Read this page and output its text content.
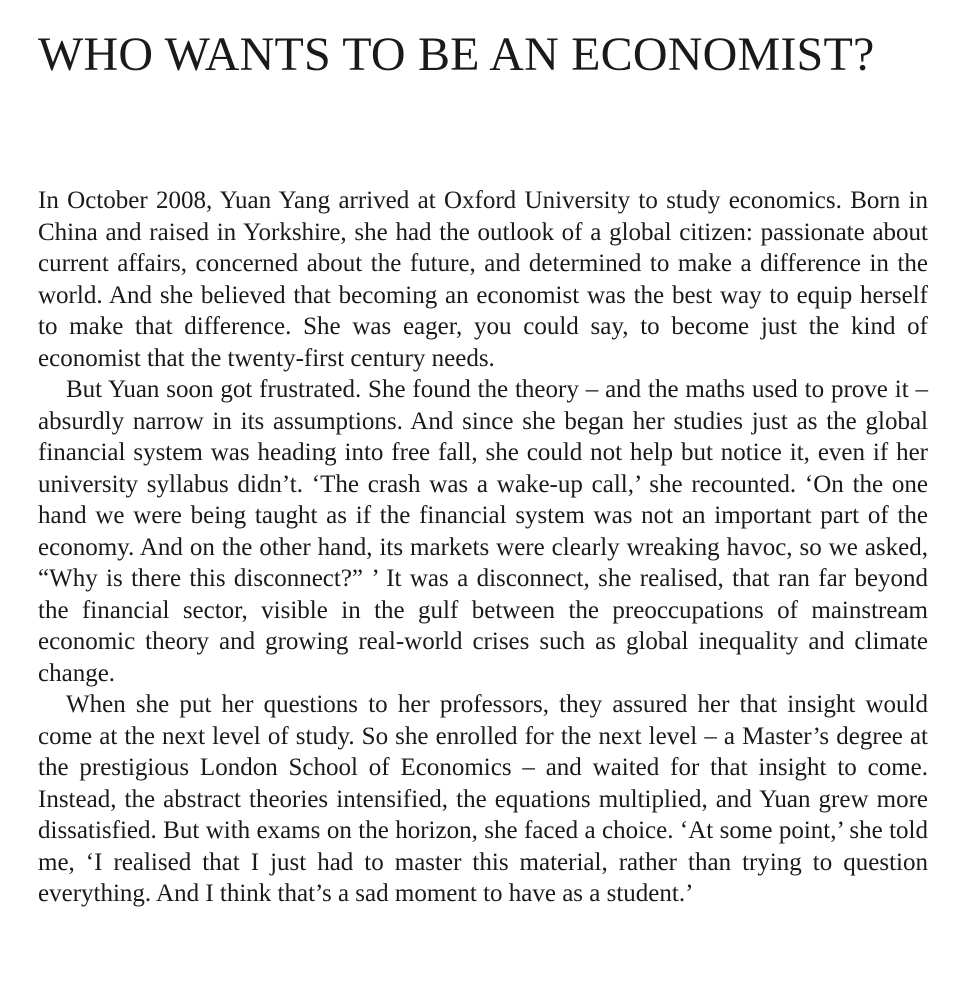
WHO WANTS TO BE AN ECONOMIST?

In October 2008, Yuan Yang arrived at Oxford University to study economics. Born in China and raised in Yorkshire, she had the outlook of a global citizen: passionate about current affairs, concerned about the future, and determined to make a difference in the world. And she believed that becoming an economist was the best way to equip herself to make that difference. She was eager, you could say, to become just the kind of economist that the twenty-first century needs.

But Yuan soon got frustrated. She found the theory – and the maths used to prove it – absurdly narrow in its assumptions. And since she began her studies just as the global financial system was heading into free fall, she could not help but notice it, even if her university syllabus didn’t. ‘The crash was a wake-up call,’ she recounted. ‘On the one hand we were being taught as if the financial system was not an important part of the economy. And on the other hand, its markets were clearly wreaking havoc, so we asked, “Why is there this disconnect?” ’ It was a disconnect, she realised, that ran far beyond the financial sector, visible in the gulf between the preoccupations of mainstream economic theory and growing real-world crises such as global inequality and climate change.

When she put her questions to her professors, they assured her that insight would come at the next level of study. So she enrolled for the next level – a Master’s degree at the prestigious London School of Economics – and waited for that insight to come. Instead, the abstract theories intensified, the equations multiplied, and Yuan grew more dissatisfied. But with exams on the horizon, she faced a choice. ‘At some point,’ she told me, ‘I realised that I just had to master this material, rather than trying to question everything. And I think that’s a sad moment to have as a student.’
